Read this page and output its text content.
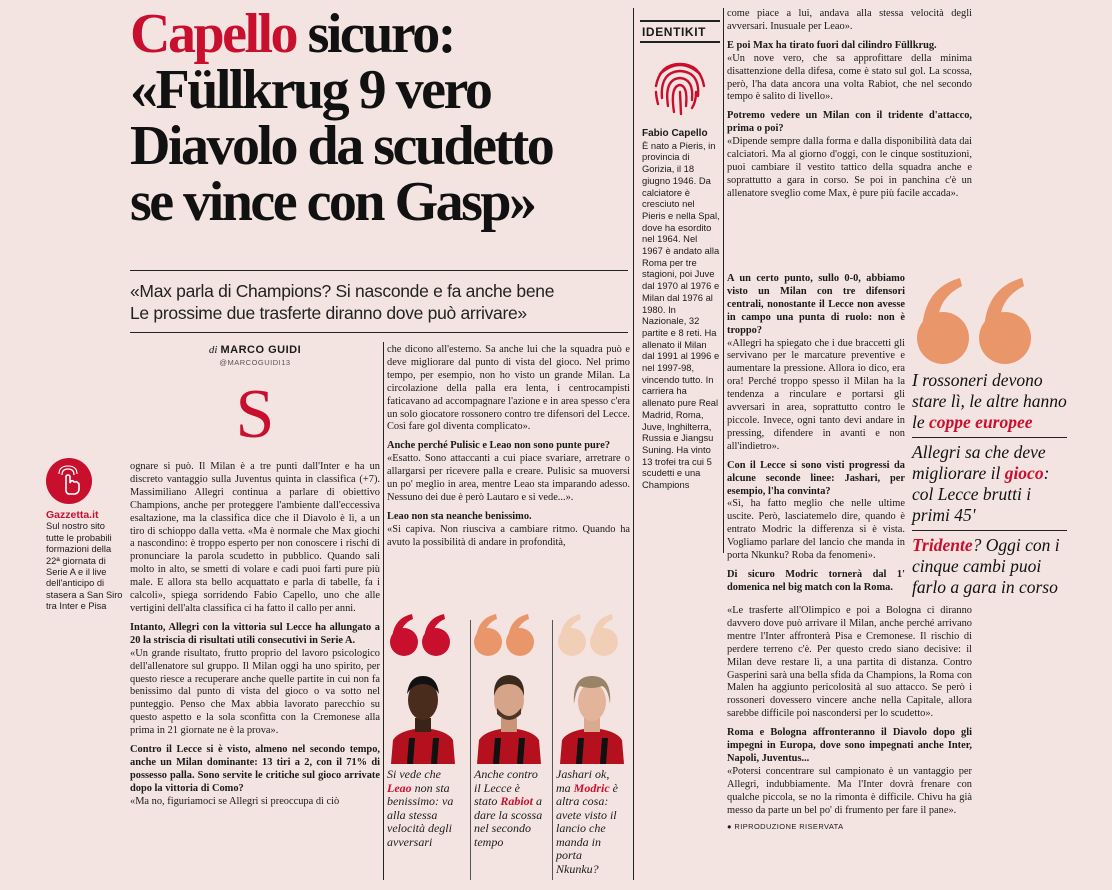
Capello sicuro:

«Füllkrug 9 vero

Diavolo da scudetto

se vince con Gasp»

«Max parla di Champions? Si nasconde e fa anche bene
Le prossime due trasferte diranno dove può arrivare»
di MARCO GUIDI
@MARCOGUIDI13
S

ognare si può. Il Milan è a tre punti dall'Inter e ha un discreto vantaggio sulla Juventus quinta in classifica (+7). Massimiliano Allegri continua a parlare di obiettivo Champions, anche per proteggere l'ambiente dall'eccessiva esaltazione, ma la classifica dice che il Diavolo è lì, a un tiro di schioppo dalla vetta. «Ma è normale che Max giochi a nascondino: è troppo esperto per non conoscere i rischi di pronunciare la parola scudetto in pubblico. Quando sali molto in alto, se smetti di volare e cadi puoi farti pure più male. E allora sta bello acquattato e parla di tabelle, fa i calcoli», spiega sorridendo Fabio Capello, uno che alle vertigini dell'alta classifica ci ha fatto il callo per anni.

Intanto, Allegri con la vittoria sul Lecce ha allungato a 20 la striscia di risultati utili consecutivi in Serie A.

«Un grande risultato, frutto proprio del lavoro psicologico dell'allenatore sul gruppo. Il Milan oggi ha uno spirito, per questo riesce a recuperare anche quelle partite in cui non fa benissimo dal punto di vista del gioco o va sotto nel punteggio. Penso che Max abbia lavorato parecchio su questo aspetto e la sola sconfitta con la Cremonese alla prima in 21 giornate ne è la prova».

Contro il Lecce si è visto, almeno nel secondo tempo, anche un Milan dominante: 13 tiri a 2, con il 71% di possesso palla. Sono servite le critiche sul gioco arrivate dopo la vittoria di Como?

«Ma no, figuriamoci se Allegri si preoccupa di ciò

che dicono all'esterno. Sa anche lui che la squadra può e deve migliorare dal punto di vista del gioco. Nel primo tempo, per esempio, non ho visto un grande Milan. La circolazione della palla era lenta, i centrocampisti faticavano ad accompagnare l'azione e in area spesso c'era un solo giocatore rossonero contro tre difensori del Lecce. Così fare gol diventa complicato».

Anche perché Pulisic e Leao non sono punte pure?

«Esatto. Sono attaccanti a cui piace svariare, arretrare o allargarsi per ricevere palla e creare. Pulisic sa muoversi un po' meglio in area, mentre Leao sta imparando adesso. Nessuno dei due è però Lautaro e si vede...».

Leao non sta neanche benissimo.

«Si capiva. Non riusciva a cambiare ritmo. Quando ha avuto la possibilità di andare in profondità,

Gazzetta.it
Sul nostro sito tutte le probabili formazioni della 22ª giornata di Serie A e il live dell'anticipo di stasera a San Siro tra Inter e Pisa
IDENTIKIT
Fabio Capello
È nato a Pieris, in provincia di Gorizia, il 18 giugno 1946. Da calciatore è cresciuto nel Pieris e nella Spal, dove ha esordito nel 1964. Nel 1967 è andato alla Roma per tre stagioni, poi Juve dal 1970 al 1976 e Milan dal 1976 al 1980. In Nazionale, 32 partite e 8 reti. Ha allenato il Milan dal 1991 al 1996 e nel 1997-98, vincendo tutto. In carriera ha allenato pure Real Madrid, Roma, Juve, Inghilterra, Russia e Jiangsu Suning. Ha vinto 13 trofei tra cui 5 scudetti e una Champions

come piace a lui, andava alla stessa velocità degli avversari. Inusuale per Leao».

E poi Max ha tirato fuori dal cilindro Füllkrug.

«Un nove vero, che sa approfittare della minima disattenzione della difesa, come è stato sul gol. La scossa, però, l'ha data ancora una volta Rabiot, che nel secondo tempo è salito di livello».

Potremo vedere un Milan con il tridente d'attacco, prima o poi?

«Dipende sempre dalla forma e dalla disponibilità data dai calciatori. Ma al giorno d'oggi, con le cinque sostituzioni, puoi cambiare il vestito tattico della squadra anche e soprattutto a gara in corso. Se poi in panchina c'è un allenatore sveglio come Max, è pure più facile accada».

A un certo punto, sullo 0-0, abbiamo visto un Milan con tre difensori centrali, nonostante il Lecce non avesse in campo una punta di ruolo: non è troppo?

«Allegri ha spiegato che i due braccetti gli servivano per le marcature preventive e aumentare la pressione. Allora io dico, era ora! Perché troppo spesso il Milan ha la tendenza a rinculare e portarsi gli avversari in area, soprattutto contro le piccole. Invece, ogni tanto devi andare in pressing, difendere in avanti e non all'indietro».

Con il Lecce si sono visti progressi da alcune seconde linee: Jashari, per esempio, l'ha convinta?

«Sì, ha fatto meglio che nelle ultime uscite. Però, lasciatemelo dire, quando è entrato Modric la differenza si è vista. Vogliamo parlare del lancio che manda in porta Nkunku? Roba da fenomeni».

Di sicuro Modric tornerà dal 1' domenica nel big match con la Roma.

«Le trasferte all'Olimpico e poi a Bologna ci diranno davvero dove può arrivare il Milan, anche perché arrivano mentre l'Inter affronterà Pisa e Cremonese. Il rischio di perdere terreno c'è. Per questo credo siano decisive: il Milan deve restare lì, a una partita di distanza. Contro Gasperini sarà una bella sfida da Champions, la Roma con Malen ha aggiunto pericolosità al suo attacco. Se però i rossoneri dovessero vincere anche nella Capitale, allora sarebbe difficile poi nascondersi per lo scudetto».

Roma e Bologna affronteranno il Diavolo dopo gli impegni in Europa, dove sono impegnati anche Inter, Napoli, Juventus...

«Potersi concentrare sul campionato è un vantaggio per Allegri, indubbiamente. Ma l'Inter dovrà frenare con qualche piccola, se no la rimonta è difficile. Chivu ha già messo da parte un bel po' di frumento per fare il pane».

● RIPRODUZIONE RISERVATA

I rossoneri devono stare lì, le altre hanno le coppe europee

Allegri sa che deve migliorare il gioco: col Lecce brutti i primi 45'

Tridente? Oggi con i cinque cambi puoi farlo a gara in corso

Si vede che Leao non sta benissimo: va alla stessa velocità degli avversari
Anche contro il Lecce è stato Rabiot a dare la scossa nel secondo tempo
Jashari ok, ma Modric è altra cosa: avete visto il lancio che manda in porta Nkunku?
